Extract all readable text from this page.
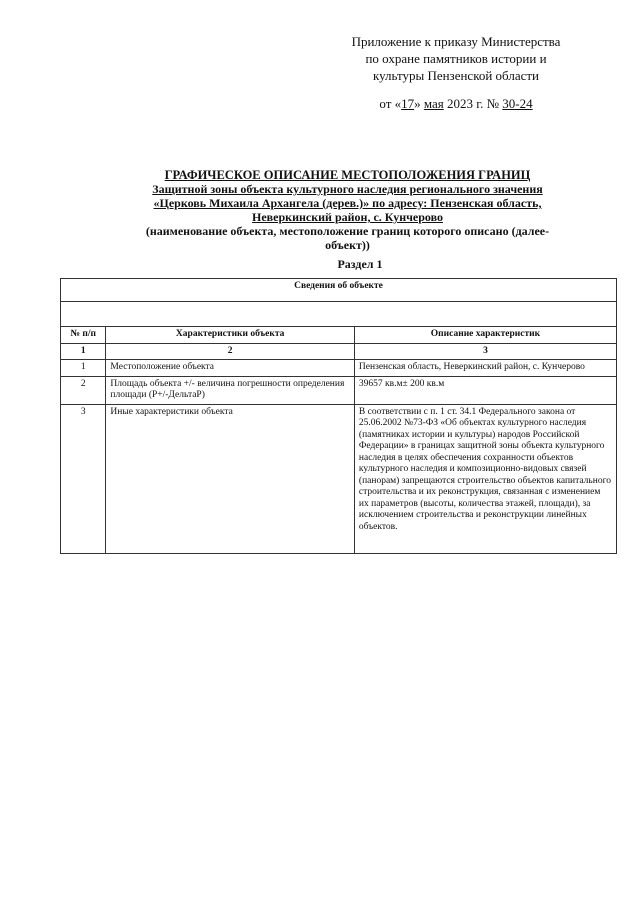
Приложение к приказу Министерства
по охране памятников истории и
культуры Пензенской области
от «17» мая 2023 г. № 30-24
ГРАФИЧЕСКОЕ ОПИСАНИЕ МЕСТОПОЛОЖЕНИЯ ГРАНИЦ
Защитной зоны объекта культурного наследия регионального значения
«Церковь Михаила Архангела (дерев.)» по адресу: Пензенская область,
Неверкинский район, с. Кунчерово
(наименование объекта, местоположение границ которого описано (далее-
объект))
Раздел 1
Сведения об объекте		

№ п/п	Характеристики объекта	Описание характеристик
1	2	3
1	Местоположение объекта	Пензенская область, Неверкинский район, с. Кунчерово
2	Площадь объекта +/- величина погрешности определения площади (Р+/-ДельтаР)	39657 кв.м± 200 кв.м
3	Иные характеристики объекта	В соответствии с п. 1 ст. 34.1 Федерального закона от 25.06.2002 №73-ФЗ «Об объектах культурного наследия (памятниках истории и культуры) народов Российской Федерации» в границах защитной зоны объекта культурного наследия в целях обеспечения сохранности объектов культурного наследия и композиционно-видовых связей (панорам) запрещаются строительство объектов капитального строительства и их реконструкция, связанная с изменением их параметров (высоты, количества этажей, площади), за исключением строительства и реконструкции линейных объектов.
